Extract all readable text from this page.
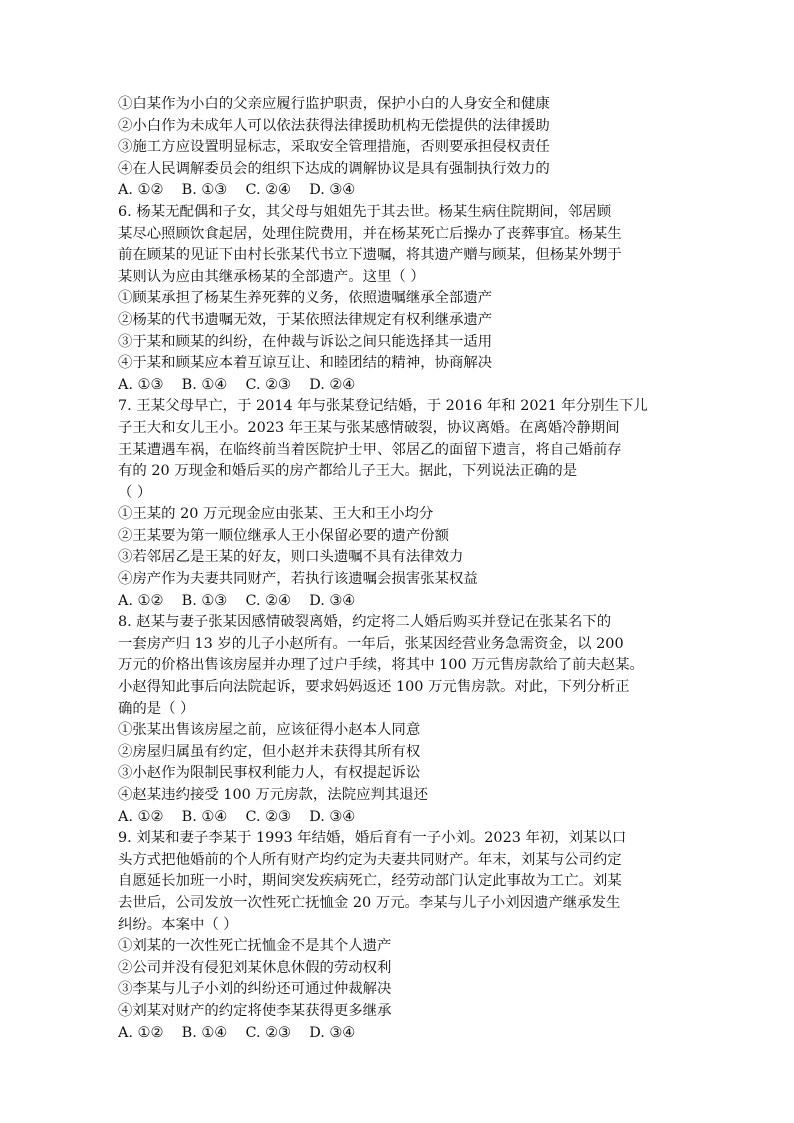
①白某作为小白的父亲应履行监护职责，保护小白的人身安全和健康
②小白作为未成年人可以依法获得法律援助机构无偿提供的法律援助
③施工方应设置明显标志，采取安全管理措施，否则要承担侵权责任
④在人民调解委员会的组织下达成的调解协议是具有强制执行效力的
A. ①②    B. ①③    C. ②④    D. ③④
6. 杨某无配偶和子女，其父母与姐姐先于其去世。杨某生病住院期间，邻居顾
某尽心照顾饮食起居，处理住院费用，并在杨某死亡后操办了丧葬事宜。杨某生
前在顾某的见证下由村长张某代书立下遗嘱，将其遗产赠与顾某，但杨某外甥于
某则认为应由其继承杨某的全部遗产。这里（ ）
①顾某承担了杨某生养死葬的义务，依照遗嘱继承全部遗产
②杨某的代书遗嘱无效，于某依照法律规定有权利继承遗产
③于某和顾某的纠纷，在仲裁与诉讼之间只能选择其一适用
④于某和顾某应本着互谅互让、和睦团结的精神，协商解决
A. ①③    B. ①④    C. ②③    D. ②④
7. 王某父母早亡，于 2014 年与张某登记结婚，于 2016 年和 2021 年分别生下儿
子王大和女儿王小。2023 年王某与张某感情破裂，协议离婚。在离婚冷静期间
王某遭遇车祸，在临终前当着医院护士甲、邻居乙的面留下遗言，将自己婚前存
有的 20 万现金和婚后买的房产都给儿子王大。据此，下列说法正确的是
（ ）
①王某的 20 万元现金应由张某、王大和王小均分
②王某要为第一顺位继承人王小保留必要的遗产份额
③若邻居乙是王某的好友，则口头遗嘱不具有法律效力
④房产作为夫妻共同财产，若执行该遗嘱会损害张某权益
A. ①②    B. ①③    C. ②④    D. ③④
8. 赵某与妻子张某因感情破裂离婚，约定将二人婚后购买并登记在张某名下的
一套房产归 13 岁的儿子小赵所有。一年后，张某因经营业务急需资金，以 200
万元的价格出售该房屋并办理了过户手续，将其中 100 万元售房款给了前夫赵某。
小赵得知此事后向法院起诉，要求妈妈返还 100 万元售房款。对此，下列分析正
确的是（ ）
①张某出售该房屋之前，应该征得小赵本人同意
②房屋归属虽有约定，但小赵并未获得其所有权
③小赵作为限制民事权利能力人，有权提起诉讼
④赵某违约接受 100 万元房款，法院应判其退还
A. ①②    B. ①④    C. ②③    D. ③④
9. 刘某和妻子李某于 1993 年结婚，婚后育有一子小刘。2023 年初，刘某以口
头方式把他婚前的个人所有财产均约定为夫妻共同财产。年末，刘某与公司约定
自愿延长加班一小时，期间突发疾病死亡，经劳动部门认定此事故为工亡。刘某
去世后，公司发放一次性死亡抚恤金 20 万元。李某与儿子小刘因遗产继承发生
纠纷。本案中（ ）
①刘某的一次性死亡抚恤金不是其个人遗产
②公司并没有侵犯刘某休息休假的劳动权利
③李某与儿子小刘的纠纷还可通过仲裁解决
④刘某对财产的约定将使李某获得更多继承
A. ①②    B. ①④    C. ②③    D. ③④
